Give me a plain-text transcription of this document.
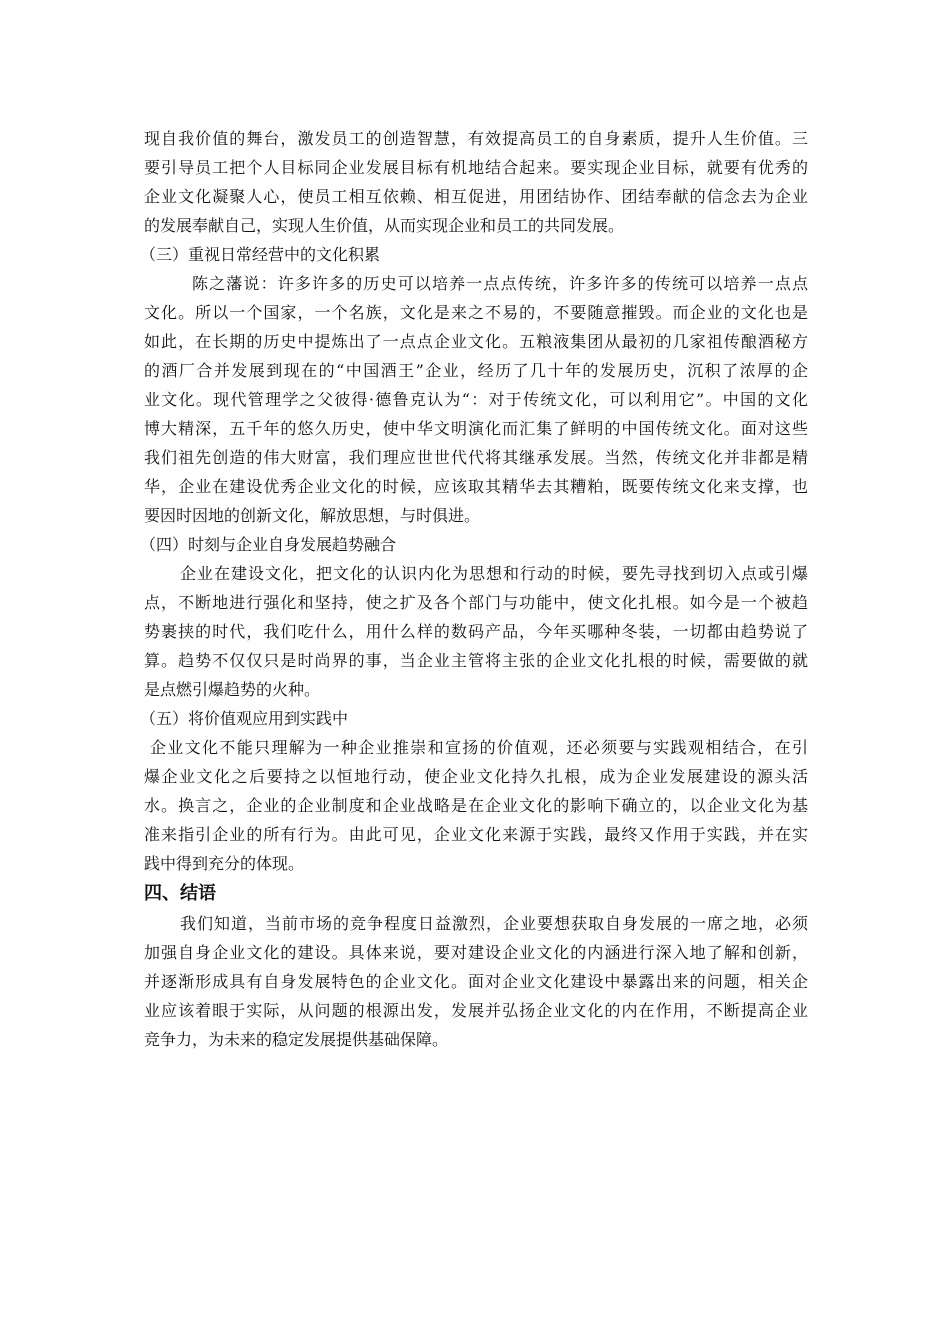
现自我价值的舞台，激发员工的创造智慧，有效提高员工的自身素质，提升人生价值。三
要引导员工把个人目标同企业发展目标有机地结合起来。要实现企业目标，就要有优秀的
企业文化凝聚人心，使员工相互依赖、相互促进，用团结协作、团结奉献的信念去为企业
的发展奉献自己，实现人生价值，从而实现企业和员工的共同发展。
（三）重视日常经营中的文化积累
陈之藩说：许多许多的历史可以培养一点点传统，许多许多的传统可以培养一点点
文化。所以一个国家，一个名族，文化是来之不易的，不要随意摧毁。而企业的文化也是
如此，在长期的历史中提炼出了一点点企业文化。五粮液集团从最初的几家祖传酿酒秘方
的酒厂合并发展到现在的“中国酒王”企业，经历了几十年的发展历史，沉积了浓厚的企
业文化。现代管理学之父彼得·德鲁克认为“：对于传统文化，可以利用它”。中国的文化
博大精深，五千年的悠久历史，使中华文明演化而汇集了鲜明的中国传统文化。面对这些
我们祖先创造的伟大财富，我们理应世世代代将其继承发展。当然，传统文化并非都是精
华，企业在建设优秀企业文化的时候，应该取其精华去其糟粕，既要传统文化来支撑，也
要因时因地的创新文化，解放思想，与时俱进。
（四）时刻与企业自身发展趋势融合
企业在建设文化，把文化的认识内化为思想和行动的时候，要先寻找到切入点或引爆
点，不断地进行强化和坚持，使之扩及各个部门与功能中，使文化扎根。如今是一个被趋
势裹挟的时代，我们吃什么，用什么样的数码产品，今年买哪种冬装，一切都由趋势说了
算。趋势不仅仅只是时尚界的事，当企业主管将主张的企业文化扎根的时候，需要做的就
是点燃引爆趋势的火种。
（五）将价值观应用到实践中
企业文化不能只理解为一种企业推崇和宣扬的价值观，还必须要与实践观相结合，在引
爆企业文化之后要持之以恒地行动，使企业文化持久扎根，成为企业发展建设的源头活
水。换言之，企业的企业制度和企业战略是在企业文化的影响下确立的，以企业文化为基
准来指引企业的所有行为。由此可见，企业文化来源于实践，最终又作用于实践，并在实
践中得到充分的体现。
四、结语
我们知道，当前市场的竞争程度日益激烈，企业要想获取自身发展的一席之地，必须
加强自身企业文化的建设。具体来说，要对建设企业文化的内涵进行深入地了解和创新，
并逐渐形成具有自身发展特色的企业文化。面对企业文化建设中暴露出来的问题，相关企
业应该着眼于实际，从问题的根源出发，发展并弘扬企业文化的内在作用，不断提高企业
竞争力，为未来的稳定发展提供基础保障。
